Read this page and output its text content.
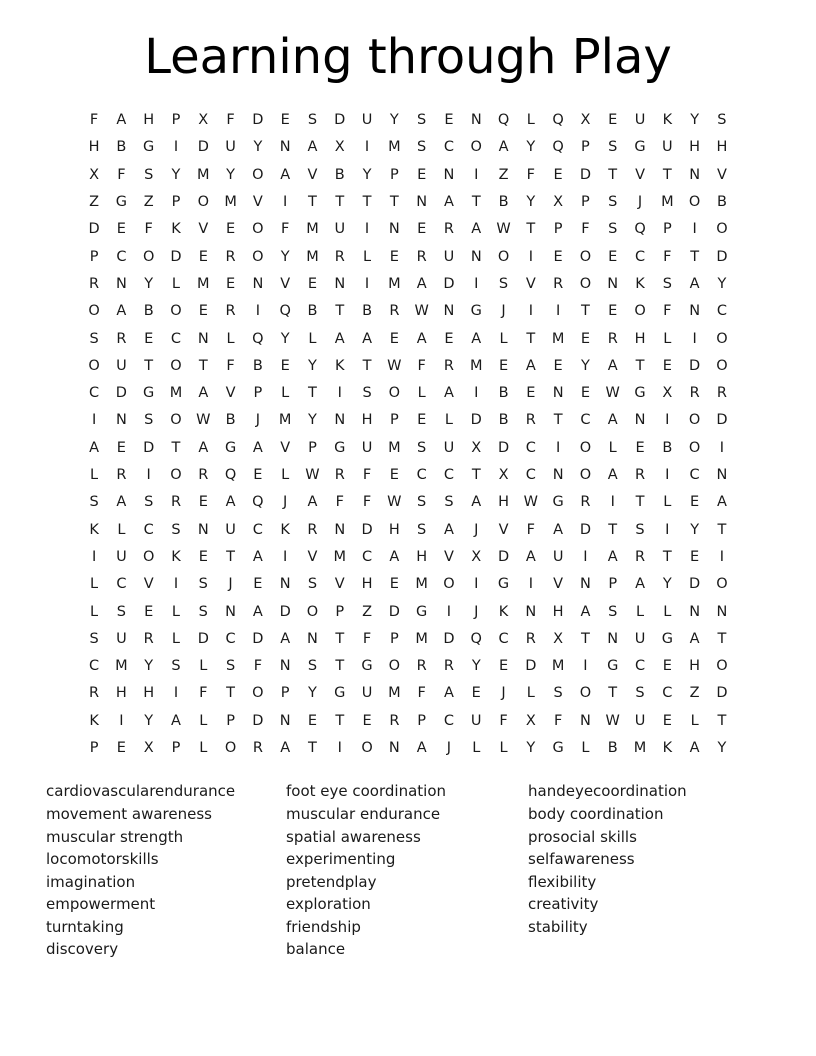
Learning through Play
F	A	H	P	X	F	D	E	S	D	U	Y	S	E	N	Q	L	Q	X	E	U	K	Y	S
H	B	G	I	D	U	Y	N	A	X	I	M	S	C	O	A	Y	Q	P	S	G	U	H	H
X	F	S	Y	M	Y	O	A	V	B	Y	P	E	N	I	Z	F	E	D	T	V	T	N	V
Z	G	Z	P	O	M	V	I	T	T	T	T	N	A	T	B	Y	X	P	S	J	M	O	B
D	E	F	K	V	E	O	F	M	U	I	N	E	R	A	W	T	P	F	S	Q	P	I	O
P	C	O	D	E	R	O	Y	M	R	L	E	R	U	N	O	I	E	O	E	C	F	T	D
R	N	Y	L	M	E	N	V	E	N	I	M	A	D	I	S	V	R	O	N	K	S	A	Y
O	A	B	O	E	R	I	Q	B	T	B	R	W	N	G	J	I	I	T	E	O	F	N	C
S	R	E	C	N	L	Q	Y	L	A	A	E	A	E	A	L	T	M	E	R	H	L	I	O
O	U	T	O	T	F	B	E	Y	K	T	W	F	R	M	E	A	E	Y	A	T	E	D	O
C	D	G	M	A	V	P	L	T	I	S	O	L	A	I	B	E	N	E	W	G	X	R	R
I	N	S	O	W	B	J	M	Y	N	H	P	E	L	D	B	R	T	C	A	N	I	O	D
A	E	D	T	A	G	A	V	P	G	U	M	S	U	X	D	C	I	O	L	E	B	O	I
L	R	I	O	R	Q	E	L	W	R	F	E	C	C	T	X	C	N	O	A	R	I	C	N
S	A	S	R	E	A	Q	J	A	F	F	W	S	S	A	H	W	G	R	I	T	L	E	A
K	L	C	S	N	U	C	K	R	N	D	H	S	A	J	V	F	A	D	T	S	I	Y	T
I	U	O	K	E	T	A	I	V	M	C	A	H	V	X	D	A	U	I	A	R	T	E	I
L	C	V	I	S	J	E	N	S	V	H	E	M	O	I	G	I	V	N	P	A	Y	D	O
L	S	E	L	S	N	A	D	O	P	Z	D	G	I	J	K	N	H	A	S	L	L	N	N
S	U	R	L	D	C	D	A	N	T	F	P	M	D	Q	C	R	X	T	N	U	G	A	T
C	M	Y	S	L	S	F	N	S	T	G	O	R	R	Y	E	D	M	I	G	C	E	H	O
R	H	H	I	F	T	O	P	Y	G	U	M	F	A	E	J	L	S	O	T	S	C	Z	D
K	I	Y	A	L	P	D	N	E	T	E	R	P	C	U	F	X	F	N	W	U	E	L	T
P	E	X	P	L	O	R	A	T	I	O	N	A	J	L	L	Y	G	L	B	M	K	A	Y
cardiovascularendurance
movement awareness
muscular strength
locomotorskills
imagination
empowerment
turntaking
discovery
foot eye coordination
muscular endurance
spatial awareness
experimenting
pretendplay
exploration
friendship
balance
handeyecoordination
body coordination
prosocial skills
selfawareness
flexibility
creativity
stability
